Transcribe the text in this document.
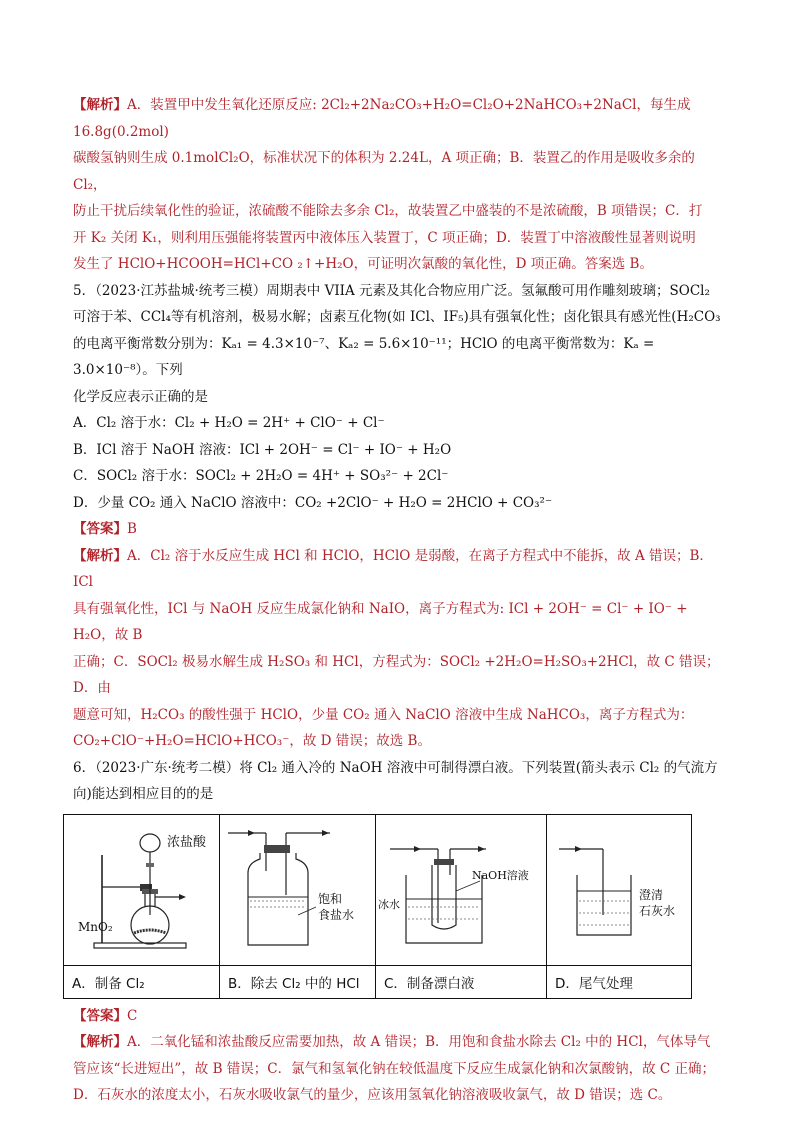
【解析】A．装置甲中发生氧化还原反应: 2Cl₂+2Na₂CO₃+H₂O=Cl₂O+2NaHCO₃+2NaCl，每生成 16.8g(0.2mol)

碳酸氢钠则生成 0.1molCl₂O，标准状况下的体积为 2.24L，A 项正确；B．装置乙的作用是吸收多余的 Cl₂，

防止干扰后续氧化性的验证，浓硫酸不能除去多余 Cl₂，故装置乙中盛装的不是浓硫酸，B 项错误；C．打

开 K₂ 关闭 K₁，则利用压强能将装置丙中液体压入装置丁，C 项正确；D．装置丁中溶液酸性显著则说明

发生了 HClO+HCOOH=HCl+CO ₂↑+H₂O，可证明次氯酸的氧化性，D 项正确。答案选 B。

5．（2023·江苏盐城·统考三模）周期表中 VIIA 元素及其化合物应用广泛。氢氟酸可用作雕刻玻璃；SOCl₂

可溶于苯、CCl₄等有机溶剂，极易水解；卤素互化物(如 ICl、IF₅)具有强氧化性；卤化银具有感光性(H₂CO₃

的电离平衡常数分别为：Kₐ₁ = 4.3×10⁻⁷、Kₐ₂ = 5.6×10⁻¹¹；HClO 的电离平衡常数为：Kₐ = 3.0×10⁻⁸）。下列

化学反应表示正确的是

A．Cl₂ 溶于水：Cl₂ + H₂O = 2H⁺ + ClO⁻ + Cl⁻

B．ICl 溶于 NaOH 溶液：ICl + 2OH⁻ = Cl⁻ + IO⁻ + H₂O

C．SOCl₂ 溶于水：SOCl₂ + 2H₂O = 4H⁺ + SO₃²⁻ + 2Cl⁻

D．少量 CO₂ 通入 NaClO 溶液中：CO₂ +2ClO⁻ + H₂O = 2HClO + CO₃²⁻

【答案】B

【解析】A．Cl₂ 溶于水反应生成 HCl 和 HClO，HClO 是弱酸，在离子方程式中不能拆，故 A 错误；B．ICl

具有强氧化性，ICl 与 NaOH 反应生成氯化钠和 NaIO，离子方程式为: ICl + 2OH⁻ = Cl⁻ + IO⁻ + H₂O，故 B

正确；C．SOCl₂ 极易水解生成 H₂SO₃ 和 HCl，方程式为：SOCl₂ +2H₂O=H₂SO₃+2HCl，故 C 错误；D．由

题意可知，H₂CO₃ 的酸性强于 HClO，少量 CO₂ 通入 NaClO 溶液中生成 NaHCO₃，离子方程式为：

CO₂+ClO⁻+H₂O=HClO+HCO₃⁻，故 D 错误；故选 B。

6．（2023·广东·统考二模）将 Cl₂ 通入冷的 NaOH 溶液中可制得漂白液。下列装置(箭头表示 Cl₂ 的气流方

向)能达到相应目的的是

浓盐酸
MnO₂	饱和
食盐水	NaOH溶液
冰水	澄清
石灰水

A．制备 Cl₂	B．除去 Cl₂ 中的 HCl	C．制备漂白液	D．尾气处理

【答案】C

【解析】A．二氧化锰和浓盐酸反应需要加热，故 A 错误；B．用饱和食盐水除去 Cl₂ 中的 HCl，气体导气

管应该“长进短出”，故 B 错误；C．氯气和氢氧化钠在较低温度下反应生成氯化钠和次氯酸钠，故 C 正确；

D．石灰水的浓度太小，石灰水吸收氯气的量少，应该用氢氧化钠溶液吸收氯气，故 D 错误；选 C。
